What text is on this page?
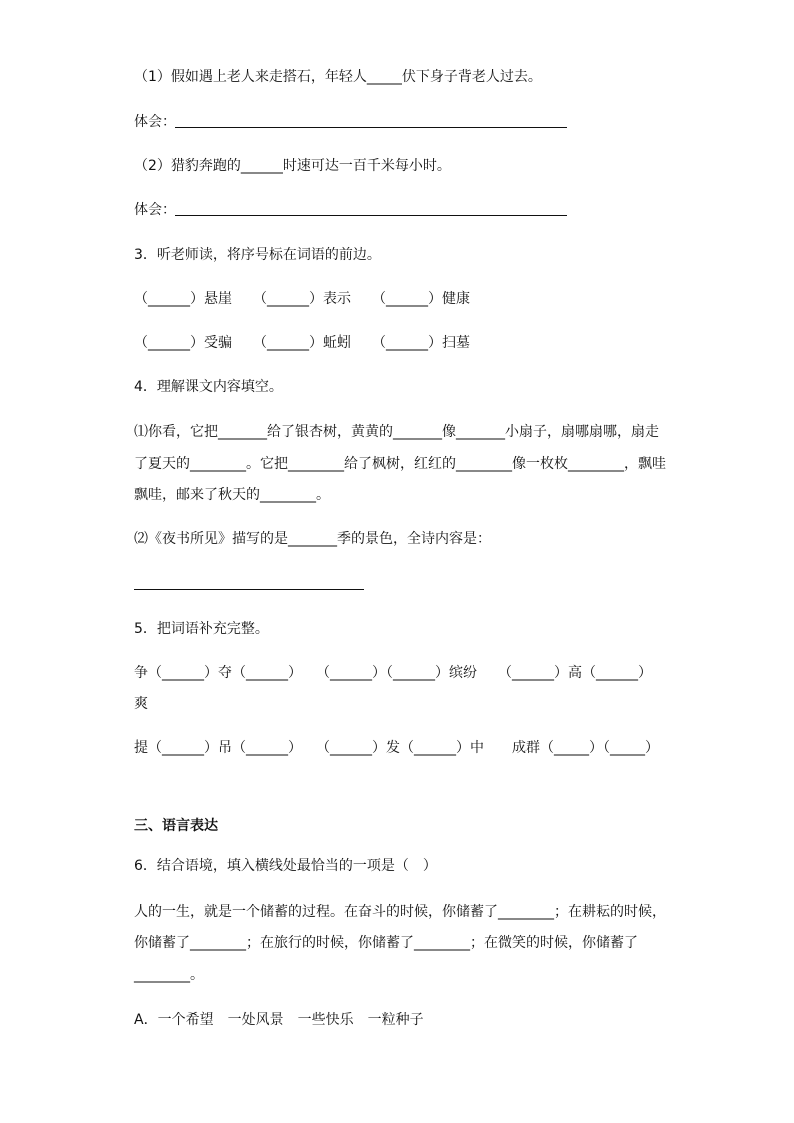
（1）假如遇上老人来走搭石，年轻人_____伏下身子背老人过去。
体会：
（2）猎豹奔跑的______时速可达一百千米每小时。
体会：
3．听老师读，将序号标在词语的前边。
（______）悬崖　　（______）表示　　（______）健康
（______）受骗　　（______）蚯蚓　　（______）扫墓
4．理解课文内容填空。
⑴你看，它把_______给了银杏树，黄黄的_______像_______小扇子，扇哪扇哪，扇走
了夏天的________。它把________给了枫树，红红的________像一枚枚________，飘哇
飘哇，邮来了秋天的________。
⑵《夜书所见》描写的是_______季的景色，全诗内容是：
5．把词语补充完整。
争（______）夺（______）　　（______）（______）缤纷　　（______）高（______）
爽
提（______）吊（______）　　（______）发（______）中　　成群（_____）（_____）
三、语言表达
6．结合语境，填入横线处最恰当的一项是（　）
人的一生，就是一个储蓄的过程。在奋斗的时候，你储蓄了________；在耕耘的时候，
你储蓄了________；在旅行的时候，你储蓄了________；在微笑的时候，你储蓄了
________。
A．一个希望　一处风景　一些快乐　一粒种子
